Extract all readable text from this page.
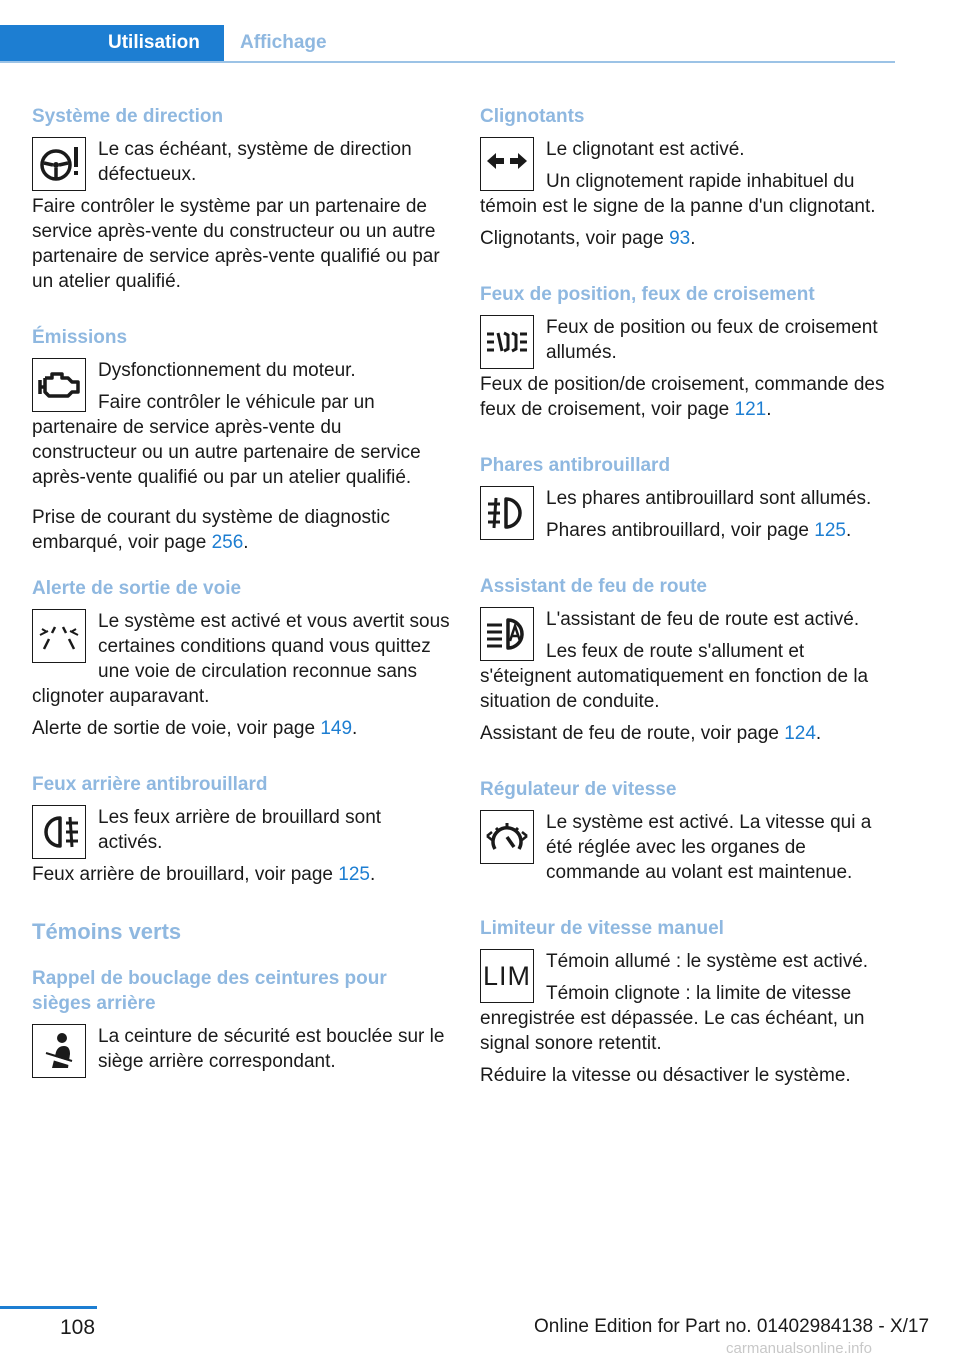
Utilisation Affichage
Système de direction

Le cas échéant, système de direction défectueux.

Faire contrôler le système par un partenaire de service après-vente du constructeur ou un autre partenaire de service après-vente qualifié ou par un atelier qualifié.

Émissions

Dysfonctionnement du moteur.

Faire contrôler le véhicule par un partenaire de service après-vente du constructeur ou un autre partenaire de service après-vente qualifié ou par un atelier qualifié.

Prise de courant du système de diagnostic embarqué, voir page 256.

Alerte de sortie de voie

Le système est activé et vous avertit sous certaines conditions quand vous quittez une voie de circulation reconnue sans clignoter auparavant.

Alerte de sortie de voie, voir page 149.

Feux arrière antibrouillard

Les feux arrière de brouillard sont activés.

Feux arrière de brouillard, voir page 125.

Témoins verts
Rappel de bouclage des ceintures pour sièges arrière

La ceinture de sécurité est bouclée sur le siège arrière correspondant.

Clignotants

Le clignotant est activé.

Un clignotement rapide inhabituel du témoin est le signe de la panne d'un clignotant.

Clignotants, voir page 93.

Feux de position, feux de croisement

Feux de position ou feux de croisement allumés.

Feux de position/de croisement, commande des feux de croisement, voir page 121.

Phares antibrouillard

Les phares antibrouillard sont allumés.

Phares antibrouillard, voir page 125.

Assistant de feu de route

L'assistant de feu de route est activé.

Les feux de route s'allument et s'éteignent automatiquement en fonction de la situation de conduite.

Assistant de feu de route, voir page 124.

Régulateur de vitesse

Le système est activé. La vitesse qui a été réglée avec les organes de commande au volant est maintenue.

Limiteur de vitesse manuel
LIM Témoin allumé : le système est activé.

Témoin clignote : la limite de vitesse enregistrée est dépassée. Le cas échéant, un signal sonore retentit.

Réduire la vitesse ou désactiver le système.

108	Online Edition for Part no. 01402984138 - X/17
carmanualsonline.info
